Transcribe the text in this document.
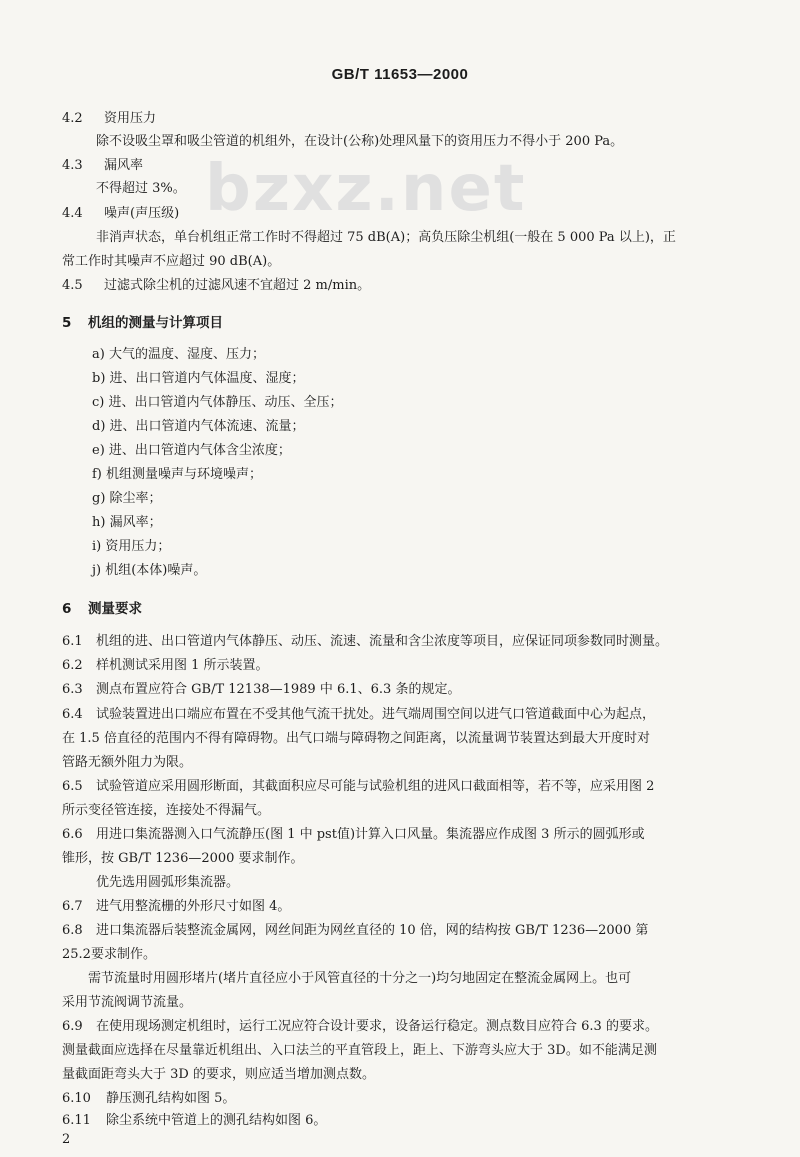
GB/T 11653—2000
bzxz.net
4.2 资用压力
除不设吸尘罩和吸尘管道的机组外，在设计(公称)处理风量下的资用压力不得小于 200 Pa。
4.3 漏风率
不得超过 3%。
4.4 噪声(声压级)
非消声状态，单台机组正常工作时不得超过 75 dB(A)；高负压除尘机组(一般在 5 000 Pa 以上)，正
常工作时其噪声不应超过 90 dB(A)。
4.5 过滤式除尘机的过滤风速不宜超过 2 m/min。
5 机组的测量与计算项目
a) 大气的温度、湿度、压力；
b) 进、出口管道内气体温度、湿度；
c) 进、出口管道内气体静压、动压、全压；
d) 进、出口管道内气体流速、流量；
e) 进、出口管道内气体含尘浓度；
f) 机组测量噪声与环境噪声；
g) 除尘率；
h) 漏风率；
i) 资用压力；
j) 机组(本体)噪声。
6 测量要求
6.1 机组的进、出口管道内气体静压、动压、流速、流量和含尘浓度等项目，应保证同项参数同时测量。
6.2 样机测试采用图 1 所示装置。
6.3 测点布置应符合 GB/T 12138—1989 中 6.1、6.3 条的规定。
6.4 试验装置进出口端应布置在不受其他气流干扰处。进气端周围空间以进气口管道截面中心为起点，
在 1.5 倍直径的范围内不得有障碍物。出气口端与障碍物之间距离，以流量调节装置达到最大开度时对
管路无额外阻力为限。
6.5 试验管道应采用圆形断面，其截面积应尽可能与试验机组的进风口截面相等，若不等，应采用图 2
所示变径管连接，连接处不得漏气。
6.6 用进口集流器测入口气流静压(图 1 中 pst值)计算入口风量。集流器应作成图 3 所示的圆弧形或
锥形，按 GB/T 1236—2000 要求制作。
优先选用圆弧形集流器。
6.7 进气用整流栅的外形尺寸如图 4。
6.8 进口集流器后装整流金属网，网丝间距为网丝直径的 10 倍，网的结构按 GB/T 1236—2000 第
25.2要求制作。
需节流量时用圆形堵片(堵片直径应小于风管直径的十分之一)均匀地固定在整流金属网上。也可
采用节流阀调节流量。
6.9 在使用现场测定机组时，运行工况应符合设计要求，设备运行稳定。测点数目应符合 6.3 的要求。
测量截面应选择在尽量靠近机组出、入口法兰的平直管段上，距上、下游弯头应大于 3D。如不能满足测
量截面距弯头大于 3D 的要求，则应适当增加测点数。
6.10 静压测孔结构如图 5。
6.11 除尘系统中管道上的测孔结构如图 6。
2
